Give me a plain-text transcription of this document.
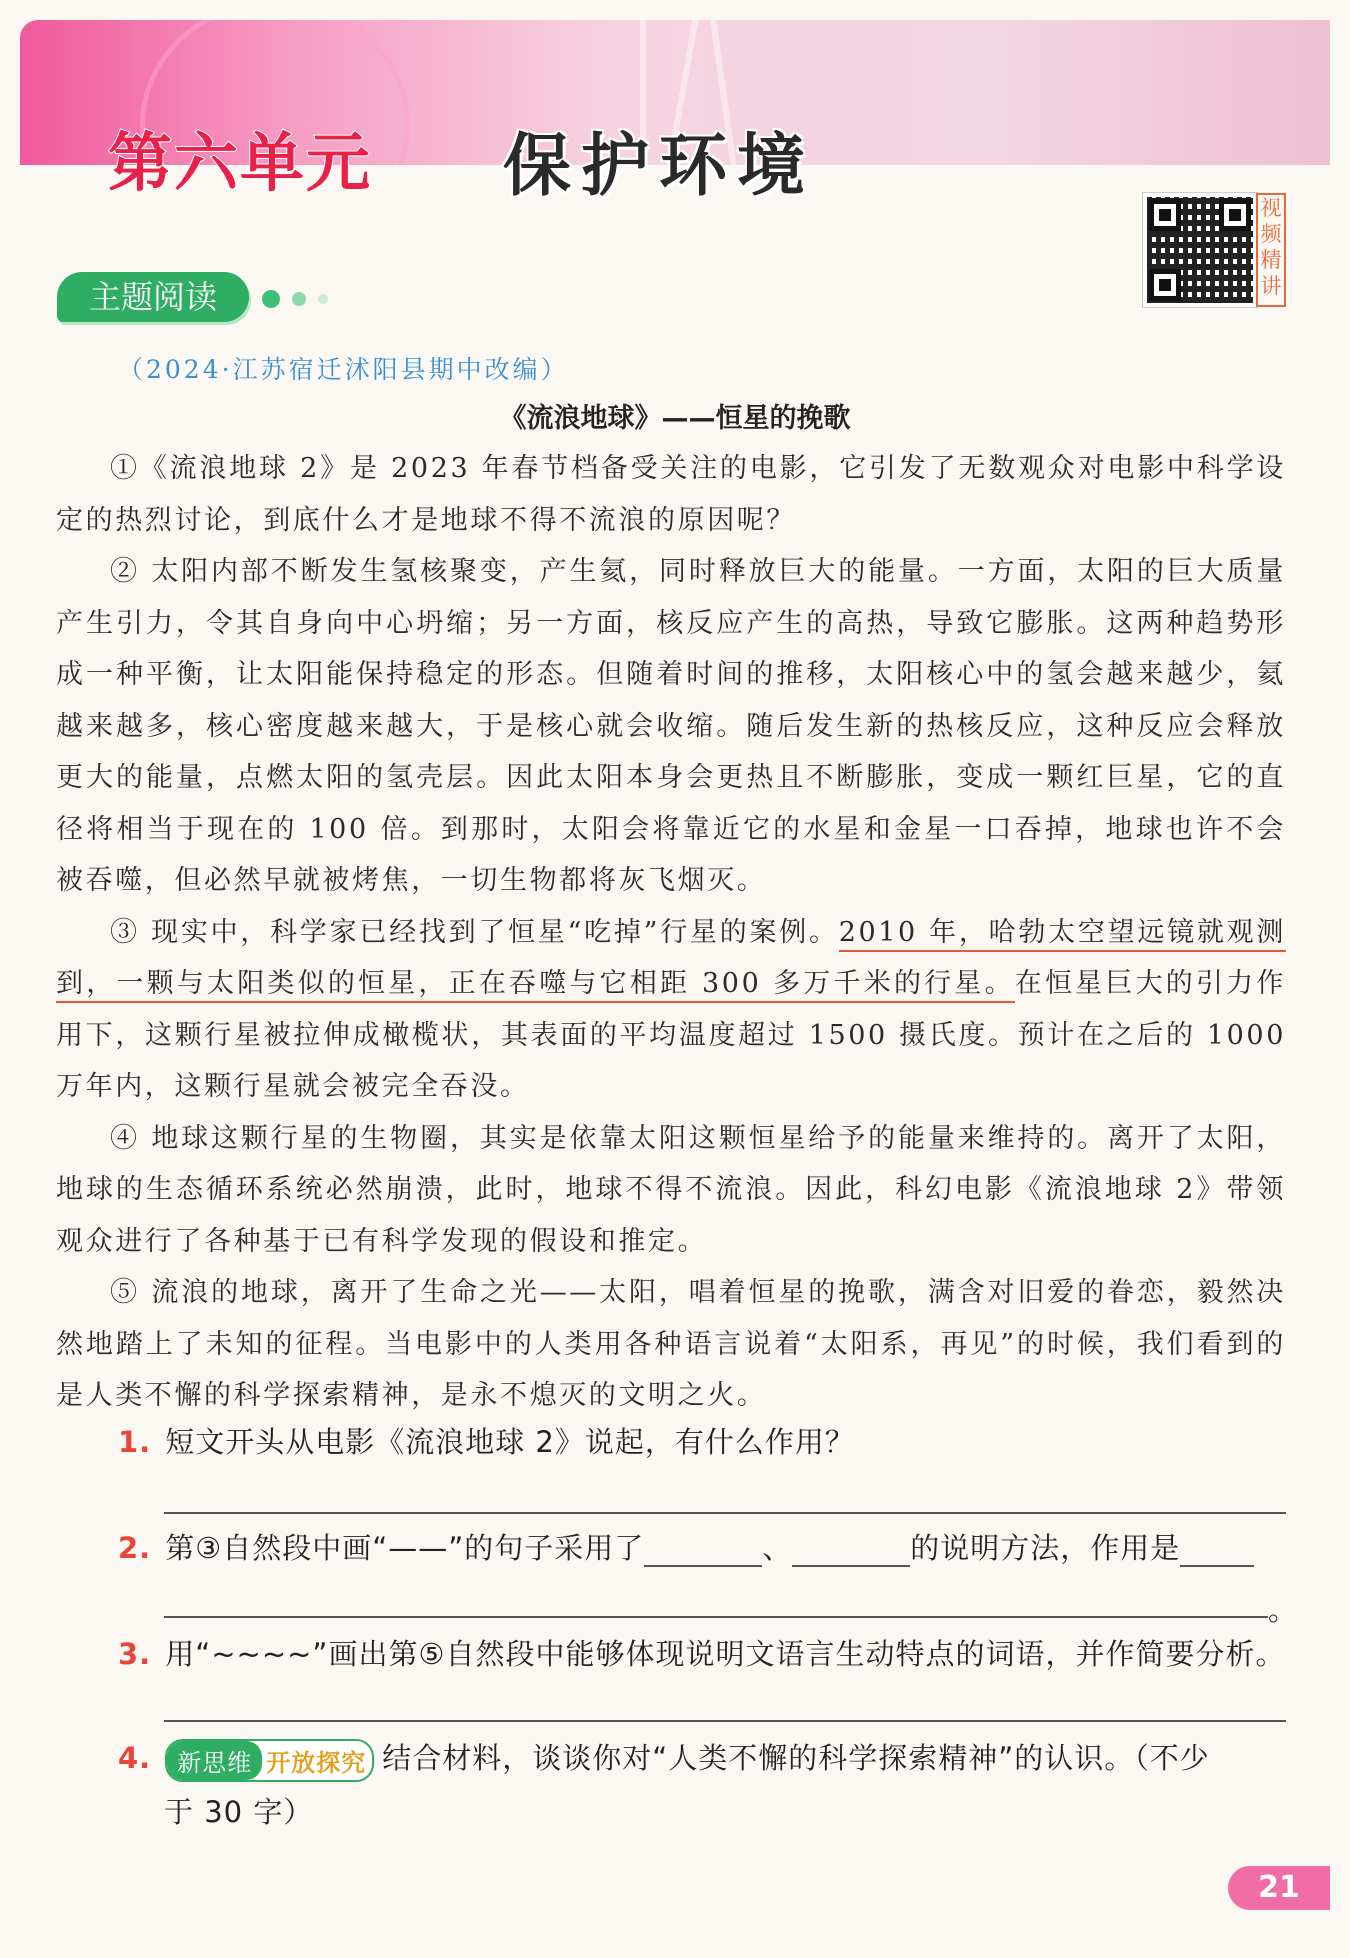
第六单元 保护环境
视频精讲
主题阅读
（2024·江苏宿迁沭阳县期中改编）
《流浪地球》——恒星的挽歌

①《流浪地球 2》是 2023 年春节档备受关注的电影，它引发了无数观众对电影中科学设定的热烈讨论，到底什么才是地球不得不流浪的原因呢？

② 太阳内部不断发生氢核聚变，产生氦，同时释放巨大的能量。一方面，太阳的巨大质量产生引力，令其自身向中心坍缩；另一方面，核反应产生的高热，导致它膨胀。这两种趋势形成一种平衡，让太阳能保持稳定的形态。但随着时间的推移，太阳核心中的氢会越来越少，氦越来越多，核心密度越来越大，于是核心就会收缩。随后发生新的热核反应，这种反应会释放更大的能量，点燃太阳的氢壳层。因此太阳本身会更热且不断膨胀，变成一颗红巨星，它的直径将相当于现在的 100 倍。到那时，太阳会将靠近它的水星和金星一口吞掉，地球也许不会被吞噬，但必然早就被烤焦，一切生物都将灰飞烟灭。

③ 现实中，科学家已经找到了恒星“吃掉”行星的案例。2010 年，哈勃太空望远镜就观测到，一颗与太阳类似的恒星，正在吞噬与它相距 300 多万千米的行星。在恒星巨大的引力作用下，这颗行星被拉伸成橄榄状，其表面的平均温度超过 1500 摄氏度。预计在之后的 1000 万年内，这颗行星就会被完全吞没。

④ 地球这颗行星的生物圈，其实是依靠太阳这颗恒星给予的能量来维持的。离开了太阳，地球的生态循环系统必然崩溃，此时，地球不得不流浪。因此，科幻电影《流浪地球 2》带领观众进行了各种基于已有科学发现的假设和推定。

⑤ 流浪的地球，离开了生命之光——太阳，唱着恒星的挽歌，满含对旧爱的眷恋，毅然决然地踏上了未知的征程。当电影中的人类用各种语言说着“太阳系，再见”的时候，我们看到的是人类不懈的科学探索精神，是永不熄灭的文明之火。

1. 短文开头从电影《流浪地球 2》说起，有什么作用？
2. 第③自然段中画“——”的句子采用了	、	的说明方法，作用是
。
3. 用“~~~~”画出第⑤自然段中能够体现说明文语言生动特点的词语，并作简要分析。
4. 新思维 开放探究 结合材料，谈谈你对“人类不懈的科学探索精神”的认识。（不少
于 30 字）
21
